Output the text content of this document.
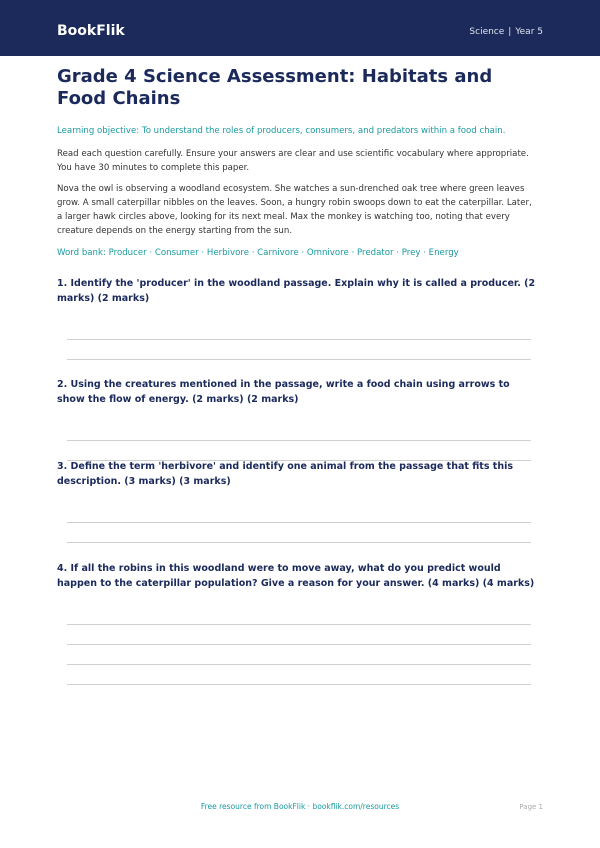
BookFlik	Science | Year 5
Grade 4 Science Assessment: Habitats and Food Chains
Learning objective: To understand the roles of producers, consumers, and predators within a food chain.
Read each question carefully. Ensure your answers are clear and use scientific vocabulary where appropriate. You have 30 minutes to complete this paper.
Nova the owl is observing a woodland ecosystem. She watches a sun-drenched oak tree where green leaves grow. A small caterpillar nibbles on the leaves. Soon, a hungry robin swoops down to eat the caterpillar. Later, a larger hawk circles above, looking for its next meal. Max the monkey is watching too, noting that every creature depends on the energy starting from the sun.
Word bank: Producer · Consumer · Herbivore · Carnivore · Omnivore · Predator · Prey · Energy
1. Identify the 'producer' in the woodland passage. Explain why it is called a producer. (2 marks) (2 marks)
2. Using the creatures mentioned in the passage, write a food chain using arrows to show the flow of energy. (2 marks) (2 marks)
3. Define the term 'herbivore' and identify one animal from the passage that fits this description. (3 marks) (3 marks)
4. If all the robins in this woodland were to move away, what do you predict would happen to the caterpillar population? Give a reason for your answer. (4 marks) (4 marks)
Free resource from BookFlik · bookflik.com/resources	Page 1
